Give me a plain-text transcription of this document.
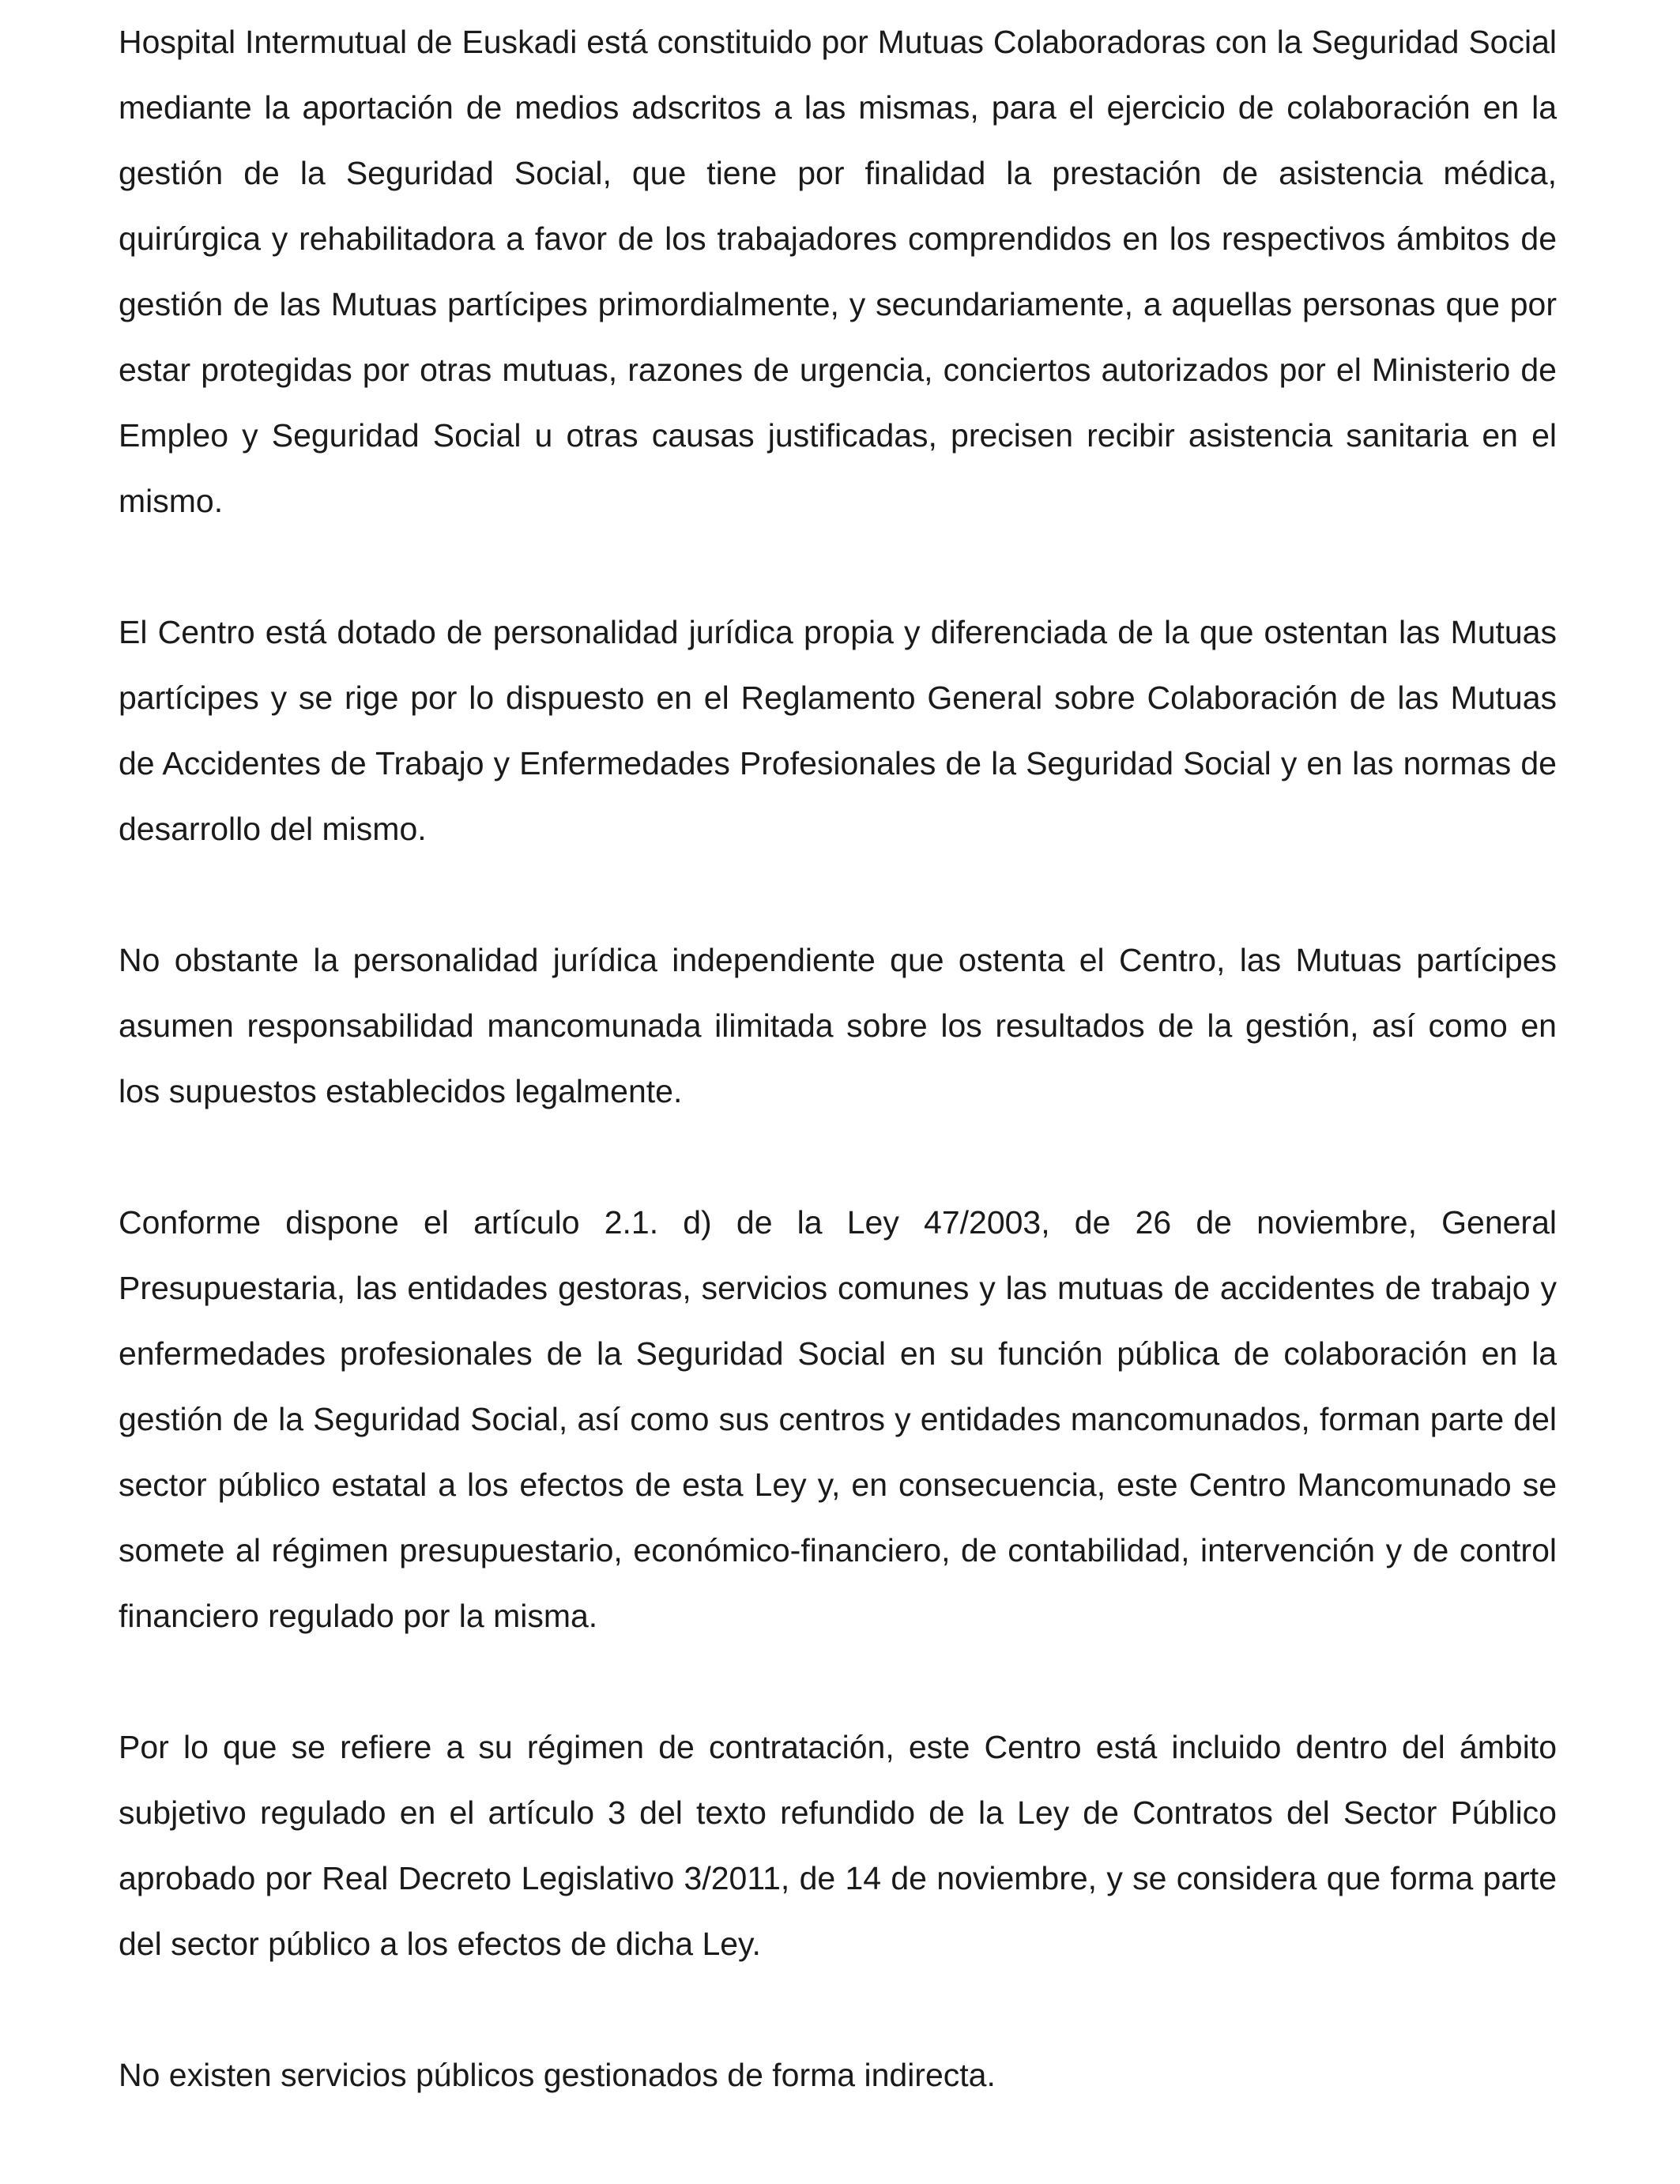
Hospital Intermutual de Euskadi está constituido por Mutuas Colaboradoras con la Seguridad Social mediante la aportación de medios adscritos a las mismas, para el ejercicio de colaboración en la gestión de la Seguridad Social, que tiene por finalidad la prestación de asistencia médica, quirúrgica y rehabilitadora a favor de los trabajadores comprendidos en los respectivos ámbitos de gestión de las Mutuas partícipes primordialmente, y secundariamente, a aquellas personas que por estar protegidas por otras mutuas, razones de urgencia, conciertos autorizados por el Ministerio de Empleo y Seguridad Social u otras causas justificadas, precisen recibir asistencia sanitaria en el mismo.

El Centro está dotado de personalidad jurídica propia y diferenciada de la que ostentan las Mutuas partícipes y se rige por lo dispuesto en el Reglamento General sobre Colaboración de las Mutuas de Accidentes de Trabajo y Enfermedades Profesionales de la Seguridad Social y en las normas de desarrollo del mismo.

No obstante la personalidad jurídica independiente que ostenta el Centro, las Mutuas partícipes asumen responsabilidad mancomunada ilimitada sobre los resultados de la gestión, así como en los supuestos establecidos legalmente.

Conforme dispone el artículo 2.1. d) de la Ley 47/2003, de 26 de noviembre, General Presupuestaria, las entidades gestoras, servicios comunes y las mutuas de accidentes de trabajo y enfermedades profesionales de la Seguridad Social en su función pública de colaboración en la gestión de la Seguridad Social, así como sus centros y entidades mancomunados, forman parte del sector público estatal a los efectos de esta Ley y, en consecuencia, este Centro Mancomunado se somete al régimen presupuestario, económico-financiero, de contabilidad, intervención y de control financiero regulado por la misma.

Por lo que se refiere a su régimen de contratación, este Centro está incluido dentro del ámbito subjetivo regulado en el artículo 3 del texto refundido de la Ley de Contratos del Sector Público aprobado por Real Decreto Legislativo 3/2011, de 14 de noviembre, y se considera que forma parte del sector público a los efectos de dicha Ley.

No existen servicios públicos gestionados de forma indirecta.
